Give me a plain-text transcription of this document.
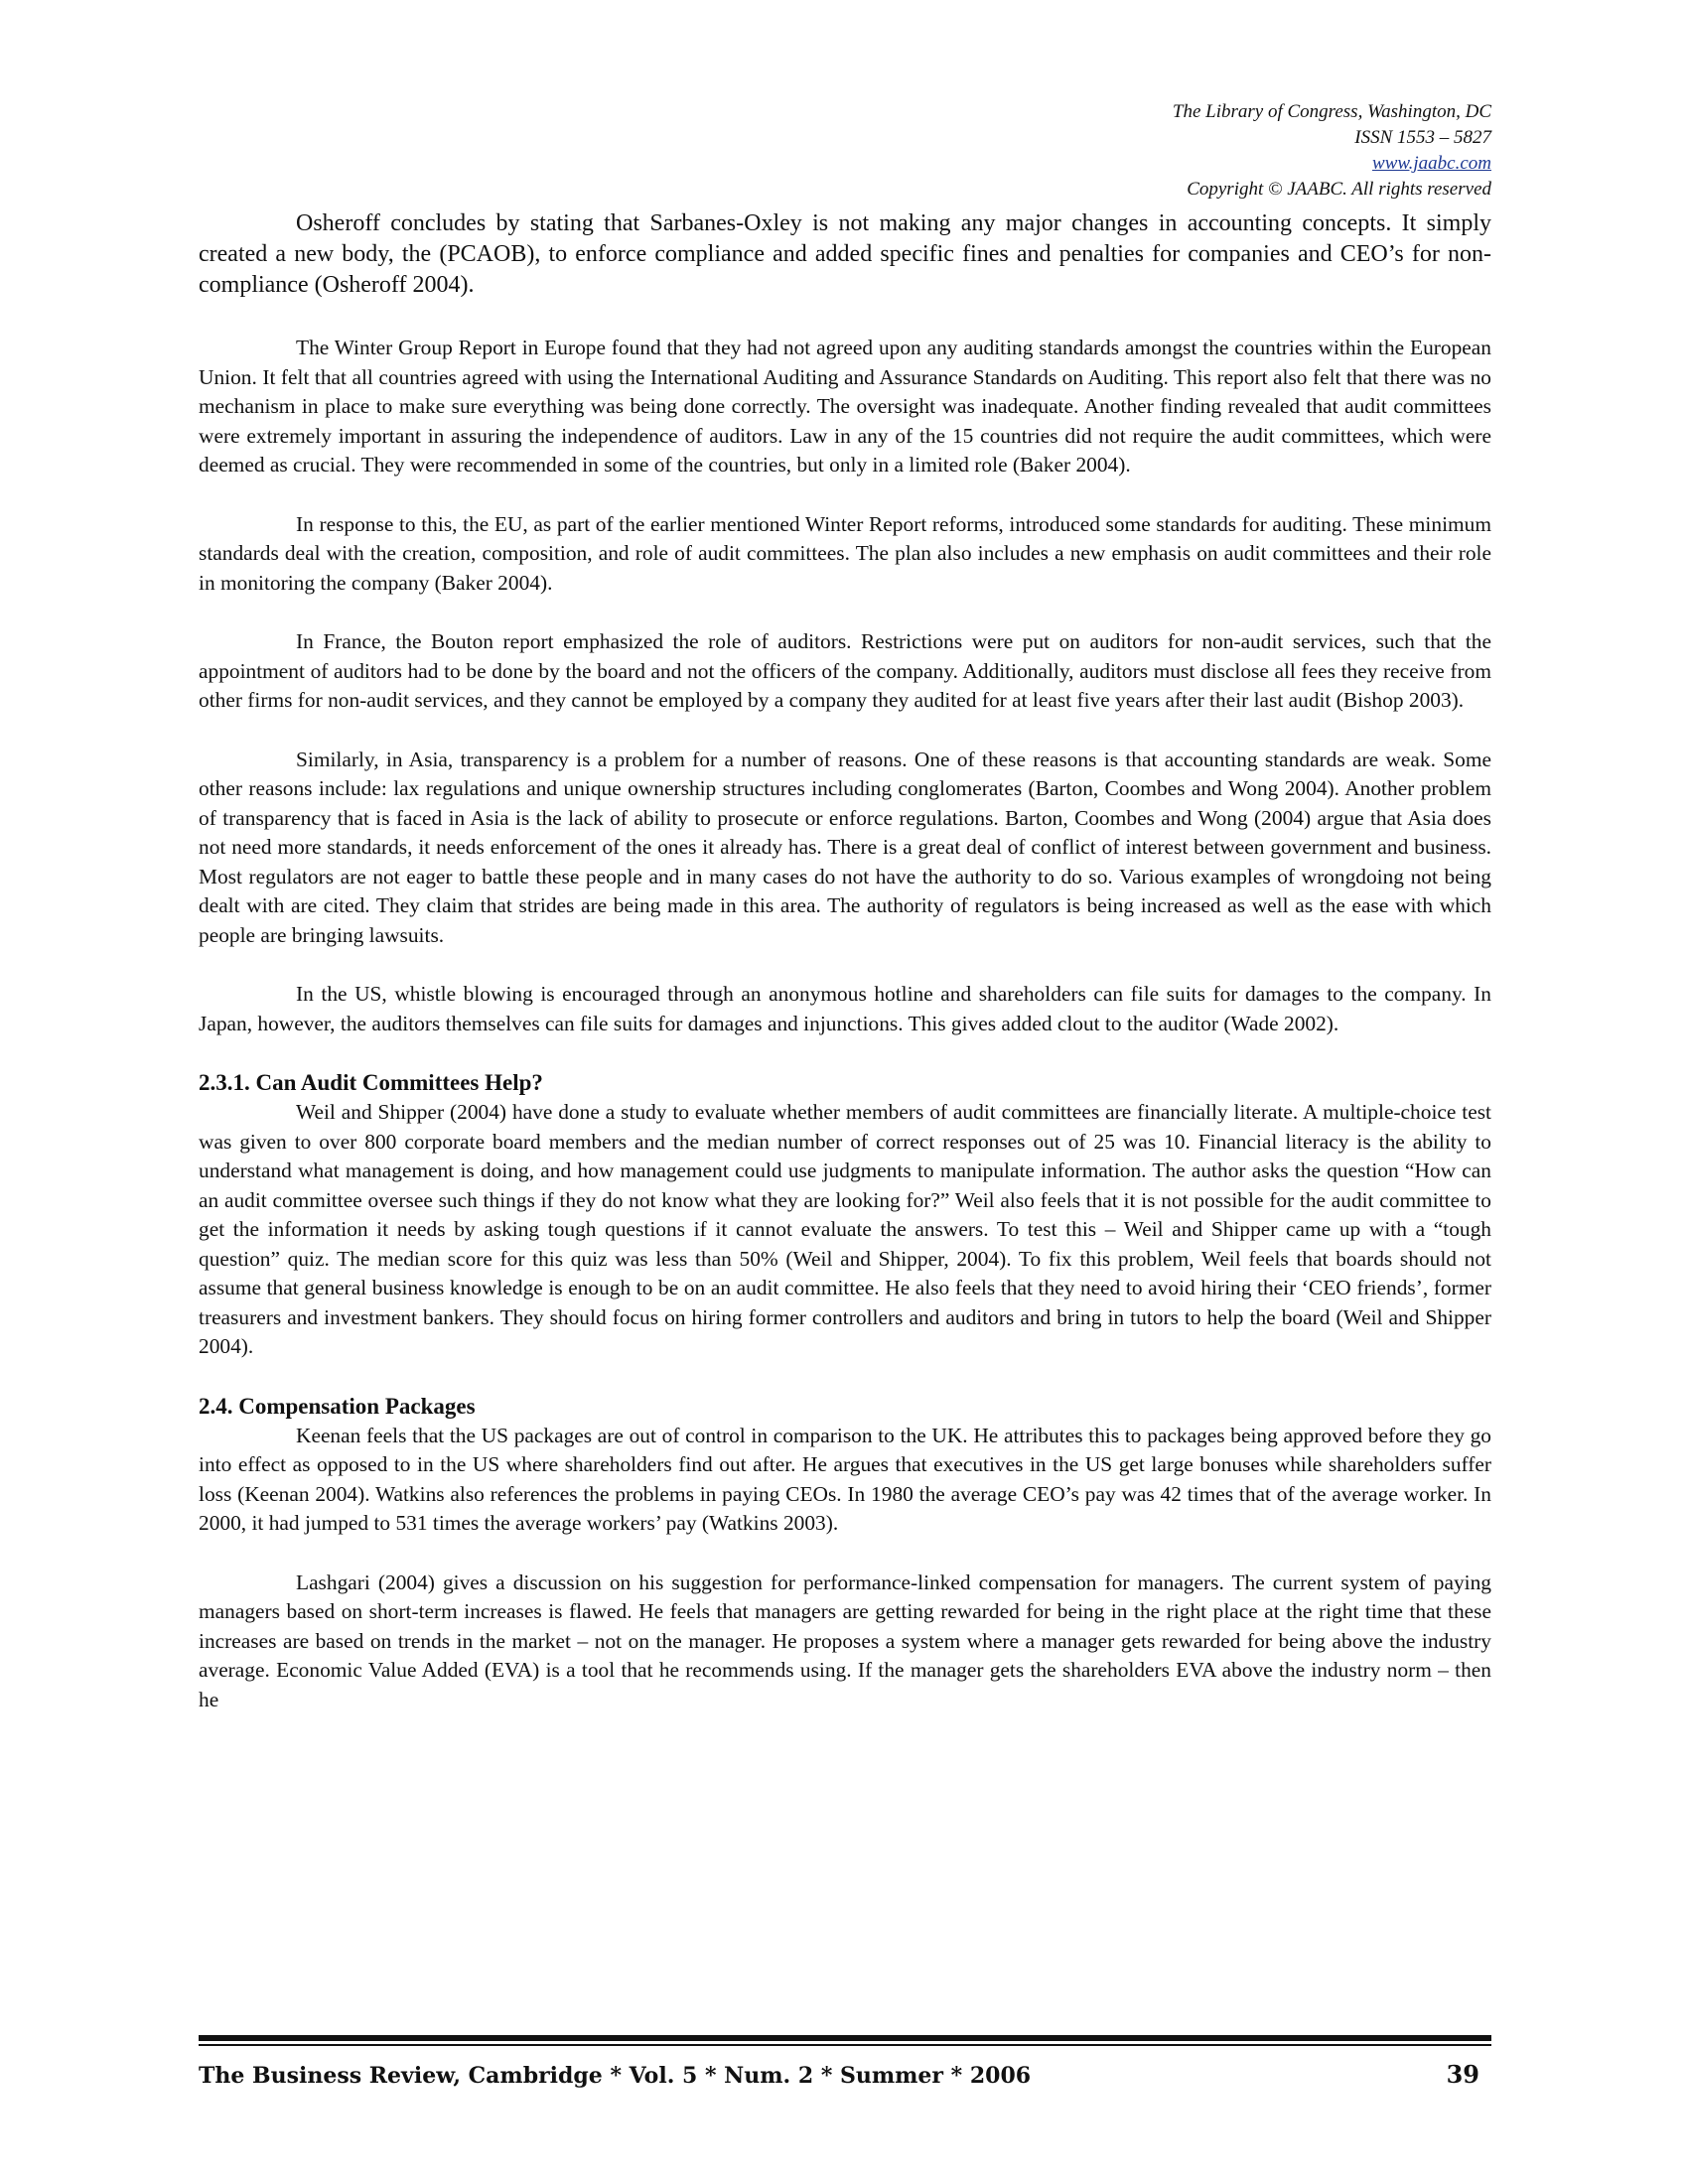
The Library of Congress, Washington, DC
ISSN 1553 – 5827
www.jaabc.com
Copyright © JAABC. All rights reserved

Osheroff concludes by stating that Sarbanes-Oxley is not making any major changes in accounting concepts. It simply created a new body, the (PCAOB), to enforce compliance and added specific fines and penalties for companies and CEO’s for non-compliance (Osheroff 2004).

The Winter Group Report in Europe found that they had not agreed upon any auditing standards amongst the countries within the European Union. It felt that all countries agreed with using the International Auditing and Assurance Standards on Auditing. This report also felt that there was no mechanism in place to make sure everything was being done correctly. The oversight was inadequate. Another finding revealed that audit committees were extremely important in assuring the independence of auditors. Law in any of the 15 countries did not require the audit committees, which were deemed as crucial. They were recommended in some of the countries, but only in a limited role (Baker 2004).

In response to this, the EU, as part of the earlier mentioned Winter Report reforms, introduced some standards for auditing. These minimum standards deal with the creation, composition, and role of audit committees. The plan also includes a new emphasis on audit committees and their role in monitoring the company (Baker 2004).

In France, the Bouton report emphasized the role of auditors. Restrictions were put on auditors for non-audit services, such that the appointment of auditors had to be done by the board and not the officers of the company. Additionally, auditors must disclose all fees they receive from other firms for non-audit services, and they cannot be employed by a company they audited for at least five years after their last audit (Bishop 2003).

Similarly, in Asia, transparency is a problem for a number of reasons. One of these reasons is that accounting standards are weak. Some other reasons include: lax regulations and unique ownership structures including conglomerates (Barton, Coombes and Wong 2004). Another problem of transparency that is faced in Asia is the lack of ability to prosecute or enforce regulations. Barton, Coombes and Wong (2004) argue that Asia does not need more standards, it needs enforcement of the ones it already has. There is a great deal of conflict of interest between government and business. Most regulators are not eager to battle these people and in many cases do not have the authority to do so. Various examples of wrongdoing not being dealt with are cited. They claim that strides are being made in this area. The authority of regulators is being increased as well as the ease with which people are bringing lawsuits.

In the US, whistle blowing is encouraged through an anonymous hotline and shareholders can file suits for damages to the company. In Japan, however, the auditors themselves can file suits for damages and injunctions. This gives added clout to the auditor (Wade 2002).

2.3.1. Can Audit Committees Help?

Weil and Shipper (2004) have done a study to evaluate whether members of audit committees are financially literate. A multiple-choice test was given to over 800 corporate board members and the median number of correct responses out of 25 was 10. Financial literacy is the ability to understand what management is doing, and how management could use judgments to manipulate information. The author asks the question “How can an audit committee oversee such things if they do not know what they are looking for?” Weil also feels that it is not possible for the audit committee to get the information it needs by asking tough questions if it cannot evaluate the answers. To test this – Weil and Shipper came up with a “tough question” quiz. The median score for this quiz was less than 50% (Weil and Shipper, 2004). To fix this problem, Weil feels that boards should not assume that general business knowledge is enough to be on an audit committee. He also feels that they need to avoid hiring their ‘CEO friends’, former treasurers and investment bankers. They should focus on hiring former controllers and auditors and bring in tutors to help the board (Weil and Shipper 2004).

2.4. Compensation Packages

Keenan feels that the US packages are out of control in comparison to the UK. He attributes this to packages being approved before they go into effect as opposed to in the US where shareholders find out after. He argues that executives in the US get large bonuses while shareholders suffer loss (Keenan 2004). Watkins also references the problems in paying CEOs. In 1980 the average CEO’s pay was 42 times that of the average worker. In 2000, it had jumped to 531 times the average workers’ pay (Watkins 2003).

Lashgari (2004) gives a discussion on his suggestion for performance-linked compensation for managers. The current system of paying managers based on short-term increases is flawed. He feels that managers are getting rewarded for being in the right place at the right time that these increases are based on trends in the market – not on the manager. He proposes a system where a manager gets rewarded for being above the industry average. Economic Value Added (EVA) is a tool that he recommends using. If the manager gets the shareholders EVA above the industry norm – then he

The Business Review, Cambridge * Vol. 5 * Num. 2 * Summer * 2006	39
